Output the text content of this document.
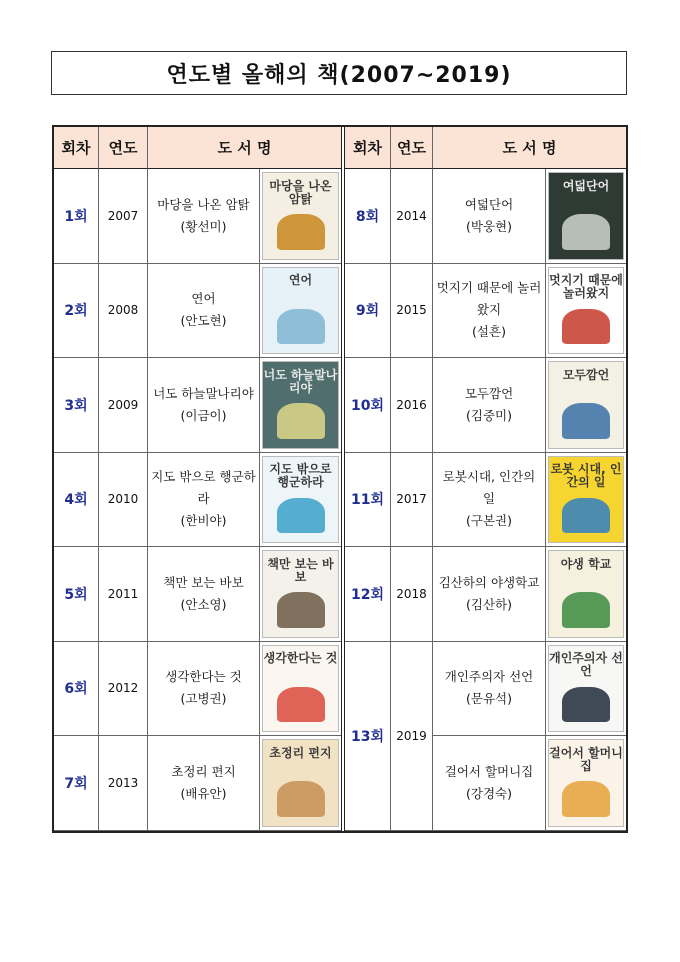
연도별 올해의 책(2007~2019)
회차	연도	도 서 명
1회	2007
마당을 나온 암탉
(황선미)
마당을 나온 암탉
2회	2008
연어
(안도현)
연어
3회	2009
너도 하늘말나리야
(이금이)
너도 하늘말나리야
4회	2010
지도 밖으로 행군하라
(한비야)
지도 밖으로 행군하라
5회	2011
책만 보는 바보
(안소영)
책만 보는 바보
6회	2012
생각한다는 것
(고병권)
생각한다는 것
7회	2013
초정리 편지
(배유안)
초정리 편지
회차	연도	도 서 명
8회	2014
여덟단어
(박웅현)
여덟단어
9회	2015
멋지기 때문에 놀러왔지
(설흔)
멋지기 때문에 놀러왔지
10회	2016
모두깜언
(김중미)
모두깜언
11회	2017
로봇시대, 인간의 일
(구본권)
로봇 시대, 인간의 일
12회	2018
김산하의 야생학교
(김산하)
야생 학교
13회	2019
개인주의자 선언
(문유석)
개인주의자 선언
걸어서 할머니집
(강경숙)
걸어서 할머니집
